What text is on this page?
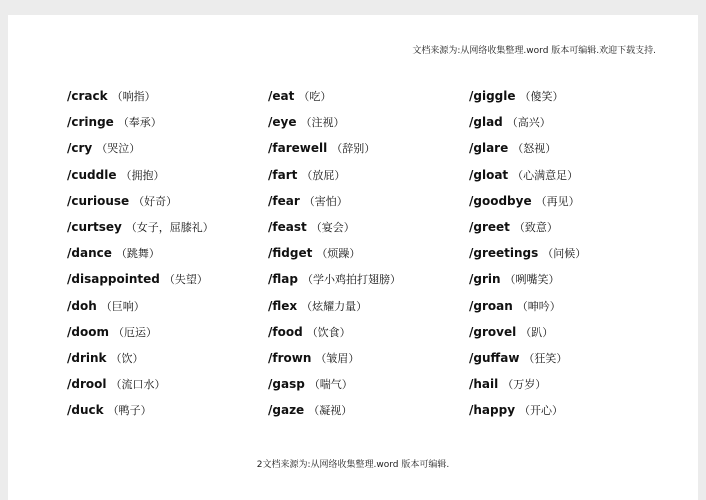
文档来源为:从网络收集整理.word 版本可编辑.欢迎下载支持.
/crack （响指）
/cringe （奉承）
/cry （哭泣）
/cuddle （拥抱）
/curiouse （好奇）
/curtsey （女子，屈膝礼）
/dance （跳舞）
/disappointed （失望）
/doh （巨响）
/doom （厄运）
/drink （饮）
/drool （流口水）
/duck （鸭子）
/eat （吃）
/eye （注视）
/farewell （辞别）
/fart （放屁）
/fear （害怕）
/feast （宴会）
/fidget （烦躁）
/flap （学小鸡拍打翅膀）
/flex （炫耀力量）
/food （饮食）
/frown （皱眉）
/gasp （喘气）
/gaze （凝视）
/giggle （傻笑）
/glad （高兴）
/glare （怒视）
/gloat （心满意足）
/goodbye （再见）
/greet （致意）
/greetings （问候）
/grin （咧嘴笑）
/groan （呻吟）
/grovel （趴）
/guffaw （狂笑）
/hail （万岁）
/happy （开心）
2文档来源为:从网络收集整理.word 版本可编辑.
